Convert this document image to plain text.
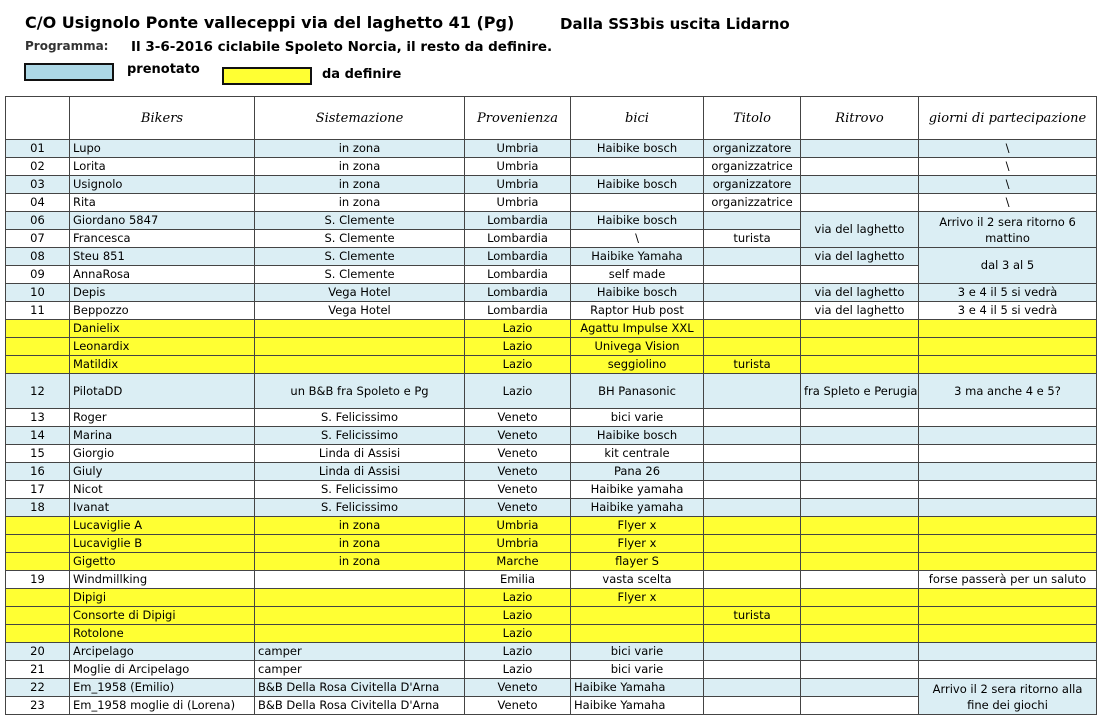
C/O Usignolo Ponte valleceppi via del laghetto 41 (Pg)	Dalla SS3bis uscita Lidarno
Programma: Il 3-6-2016 ciclabile Spoleto Norcia, il resto da definire.
prenotato	da definire
	Bikers	Sistemazione	Provenienza	bici	Titolo	Ritrovo	giorni di partecipazione
01	Lupo	in zona	Umbria	Haibike bosch	organizzatore		\
02	Lorita	in zona	Umbria		organizzatrice		\
03	Usignolo	in zona	Umbria	Haibike bosch	organizzatore		\
04	Rita	in zona	Umbria		organizzatrice		\
06	Giordano 5847	S. Clemente	Lombardia	Haibike bosch		via del laghetto	Arrivo il 2 sera ritorno 6 mattino
07	Francesca	S. Clemente	Lombardia	\	turista		
08	Steu 851	S. Clemente	Lombardia	Haibike Yamaha		via del laghetto	dal 3 al 5
09	AnnaRosa	S. Clemente	Lombardia	self made			
10	Depis	Vega Hotel	Lombardia	Haibike bosch		via del laghetto	3 e 4 il 5 si vedrà
11	Beppozzo	Vega Hotel	Lombardia	Raptor Hub post		via del laghetto	3 e 4 il 5 si vedrà
	Danielix		Lazio	Agattu Impulse XXL			
	Leonardix		Lazio	Univega Vision			
	Matildix		Lazio	seggiolino	turista		
12	PilotaDD	un B&B fra Spoleto e Pg	Lazio	BH Panasonic		fra Spleto e Perugia	3 ma anche 4 e 5?
13	Roger	S. Felicissimo	Veneto	bici varie			
14	Marina	S. Felicissimo	Veneto	Haibike bosch			
15	Giorgio	Linda di Assisi	Veneto	kit centrale			
16	Giuly	Linda di Assisi	Veneto	Pana 26			
17	Nicot	S. Felicissimo	Veneto	Haibike yamaha			
18	Ivanat	S. Felicissimo	Veneto	Haibike yamaha			
	Lucaviglie A	in zona	Umbria	Flyer x			
	Lucaviglie B	in zona	Umbria	Flyer x			
	Gigetto	in zona	Marche	flayer S			
19	Windmillking		Emilia	vasta scelta			forse passerà per un saluto
	Dipigi		Lazio	Flyer x			
	Consorte di Dipigi		Lazio		turista		
	Rotolone		Lazio				
20	Arcipelago	camper	Lazio	bici varie			
21	Moglie di Arcipelago	camper	Lazio	bici varie			
22	Em_1958 (Emilio)	B&B Della Rosa Civitella D'Arna	Veneto	Haibike Yamaha			Arrivo il 2 sera ritorno alla fine dei giochi
23	Em_1958 moglie di (Lorena)	B&B Della Rosa Civitella D'Arna	Veneto	Haibike Yamaha			
